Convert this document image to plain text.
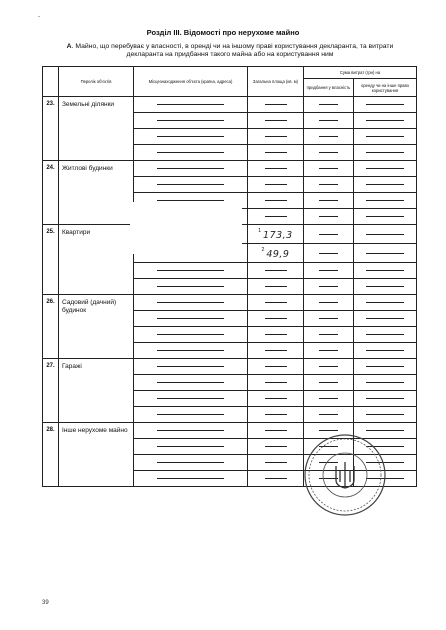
-
Розділ ІІІ. Відомості про нерухоме майно
А. Майно, що перебуває у власності, в оренді чи на іншому праві користування декларанта, та витрати декларанта на придбання такого майна або на користування ним
	Перелік об'єктів	Місцезнаходження об'єкта (країна, адреса)	Загальна площа (кв. м)	Сума витрат (грн) на	
				придбання у власність	оренду чи на інше право користування
23.	Земельні ділянки	

24.	Житлові будинки	

25.	Квартири		$^1$ 173,3	

			$^2$ 49,9	

26.	Садовий (дачний) будинок	

27.	Гаражі	

28.	Інше нерухоме майно	

39
